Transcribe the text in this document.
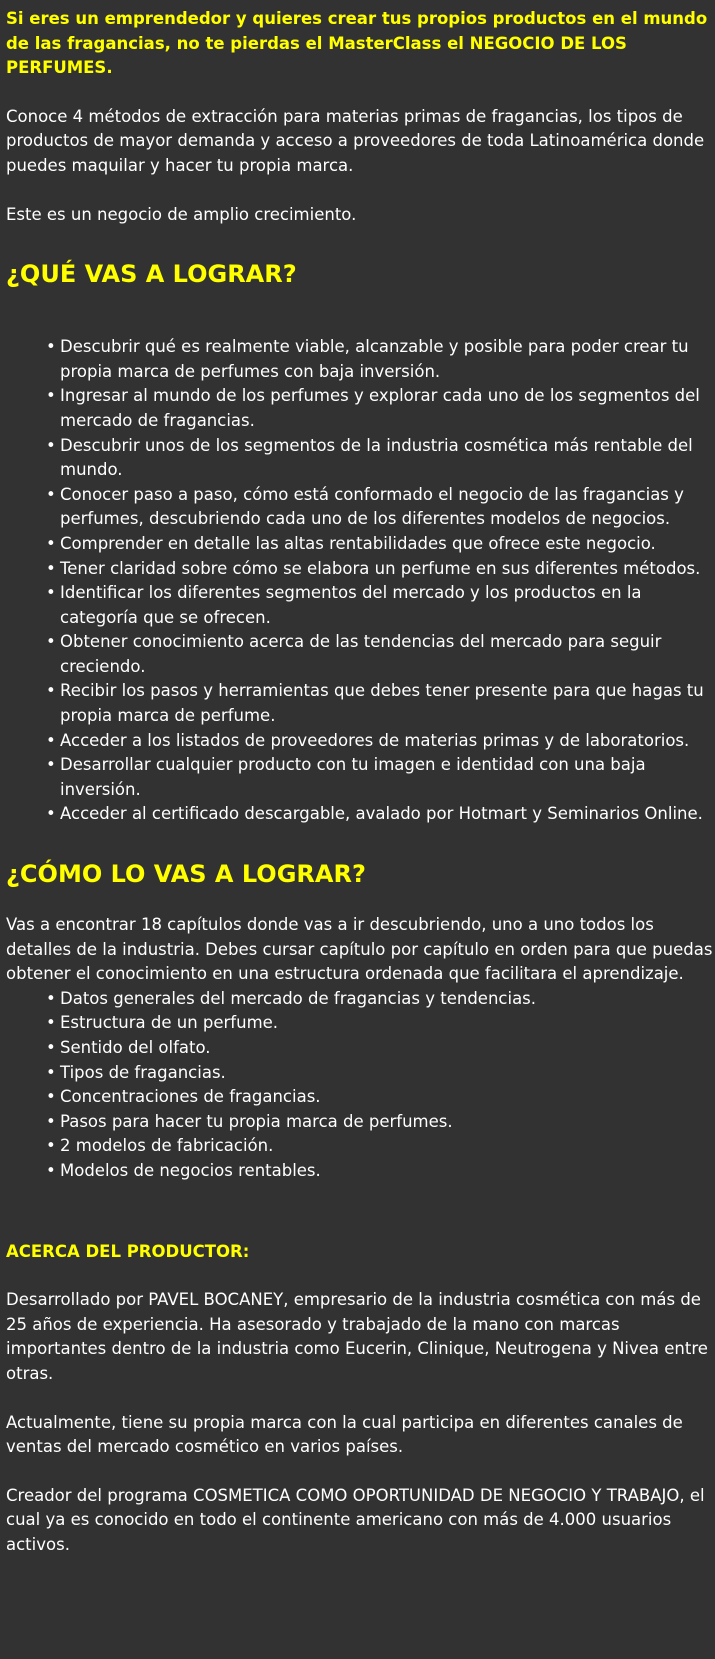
Si eres un emprendedor y quieres crear tus propios productos en el mundo de las fragancias, no te pierdas el MasterClass el NEGOCIO DE LOS PERFUMES.

Conoce 4 métodos de extracción para materias primas de fragancias, los tipos de productos de mayor demanda y acceso a proveedores de toda Latinoamérica donde puedes maquilar y hacer tu propia marca.

Este es un negocio de amplio crecimiento.

¿QUÉ VAS A LOGRAR?
• Descubrir qué es realmente viable, alcanzable y posible para poder crear tu propia marca de perfumes con baja inversión.
• Ingresar al mundo de los perfumes y explorar cada uno de los segmentos del mercado de fragancias.
• Descubrir unos de los segmentos de la industria cosmética más rentable del mundo.
• Conocer paso a paso, cómo está conformado el negocio de las fragancias y perfumes, descubriendo cada uno de los diferentes modelos de negocios.
• Comprender en detalle las altas rentabilidades que ofrece este negocio.
• Tener claridad sobre cómo se elabora un perfume en sus diferentes métodos.
• Identificar los diferentes segmentos del mercado y los productos en la categoría que se ofrecen.
• Obtener conocimiento acerca de las tendencias del mercado para seguir creciendo.
• Recibir los pasos y herramientas que debes tener presente para que hagas tu propia marca de perfume.
• Acceder a los listados de proveedores de materias primas y de laboratorios.
• Desarrollar cualquier producto con tu imagen e identidad con una baja inversión.
• Acceder al certificado descargable, avalado por Hotmart y Seminarios Online.
¿CÓMO LO VAS A LOGRAR?

Vas a encontrar 18 capítulos donde vas a ir descubriendo, uno a uno todos los detalles de la industria. Debes cursar capítulo por capítulo en orden para que puedas obtener el conocimiento en una estructura ordenada que facilitara el aprendizaje.

• Datos generales del mercado de fragancias y tendencias.
• Estructura de un perfume.
• Sentido del olfato.
• Tipos de fragancias.
• Concentraciones de fragancias.
• Pasos para hacer tu propia marca de perfumes.
• 2 modelos de fabricación.
• Modelos de negocios rentables.

ACERCA DEL PRODUCTOR:

Desarrollado por PAVEL BOCANEY, empresario de la industria cosmética con más de 25 años de experiencia. Ha asesorado y trabajado de la mano con marcas importantes dentro de la industria como Eucerin, Clinique, Neutrogena y Nivea entre otras.

Actualmente, tiene su propia marca con la cual participa en diferentes canales de ventas del mercado cosmético en varios países.

Creador del programa COSMETICA COMO OPORTUNIDAD DE NEGOCIO Y TRABAJO, el cual ya es conocido en todo el continente americano con más de 4.000 usuarios activos.
